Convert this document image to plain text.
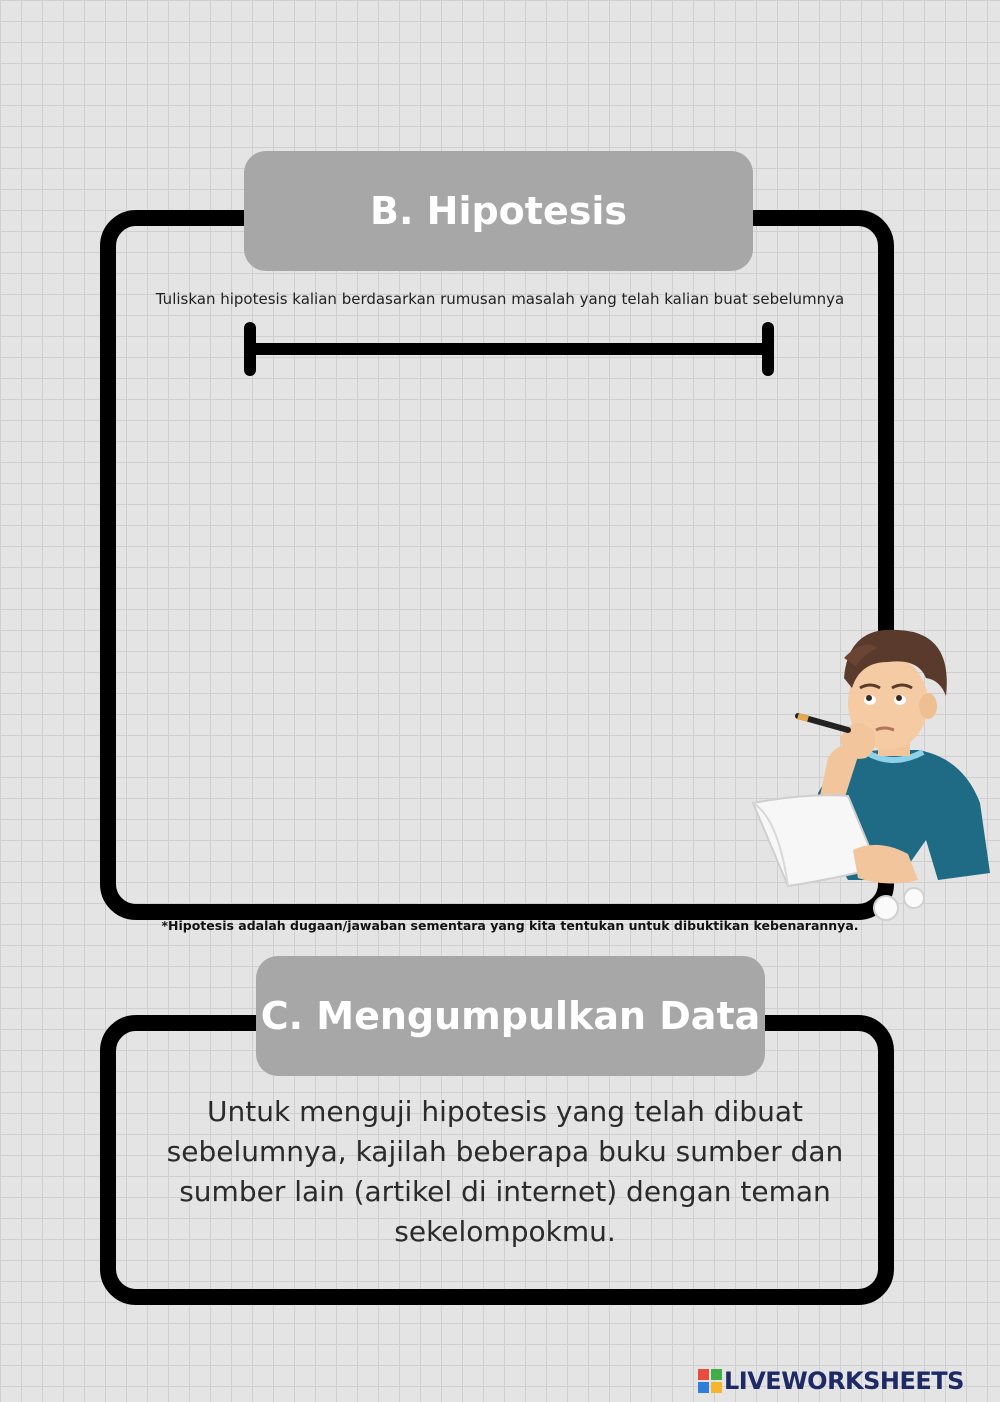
B. Hipotesis
Tuliskan hipotesis kalian berdasarkan rumusan masalah yang telah kalian buat sebelumnya
*Hipotesis adalah dugaan/jawaban sementara yang kita tentukan untuk dibuktikan kebenarannya.
C. Mengumpulkan Data
Untuk menguji hipotesis yang telah dibuat sebelumnya, kajilah beberapa buku sumber dan sumber lain (artikel di internet) dengan teman sekelompokmu.
LIVEWORKSHEETS
